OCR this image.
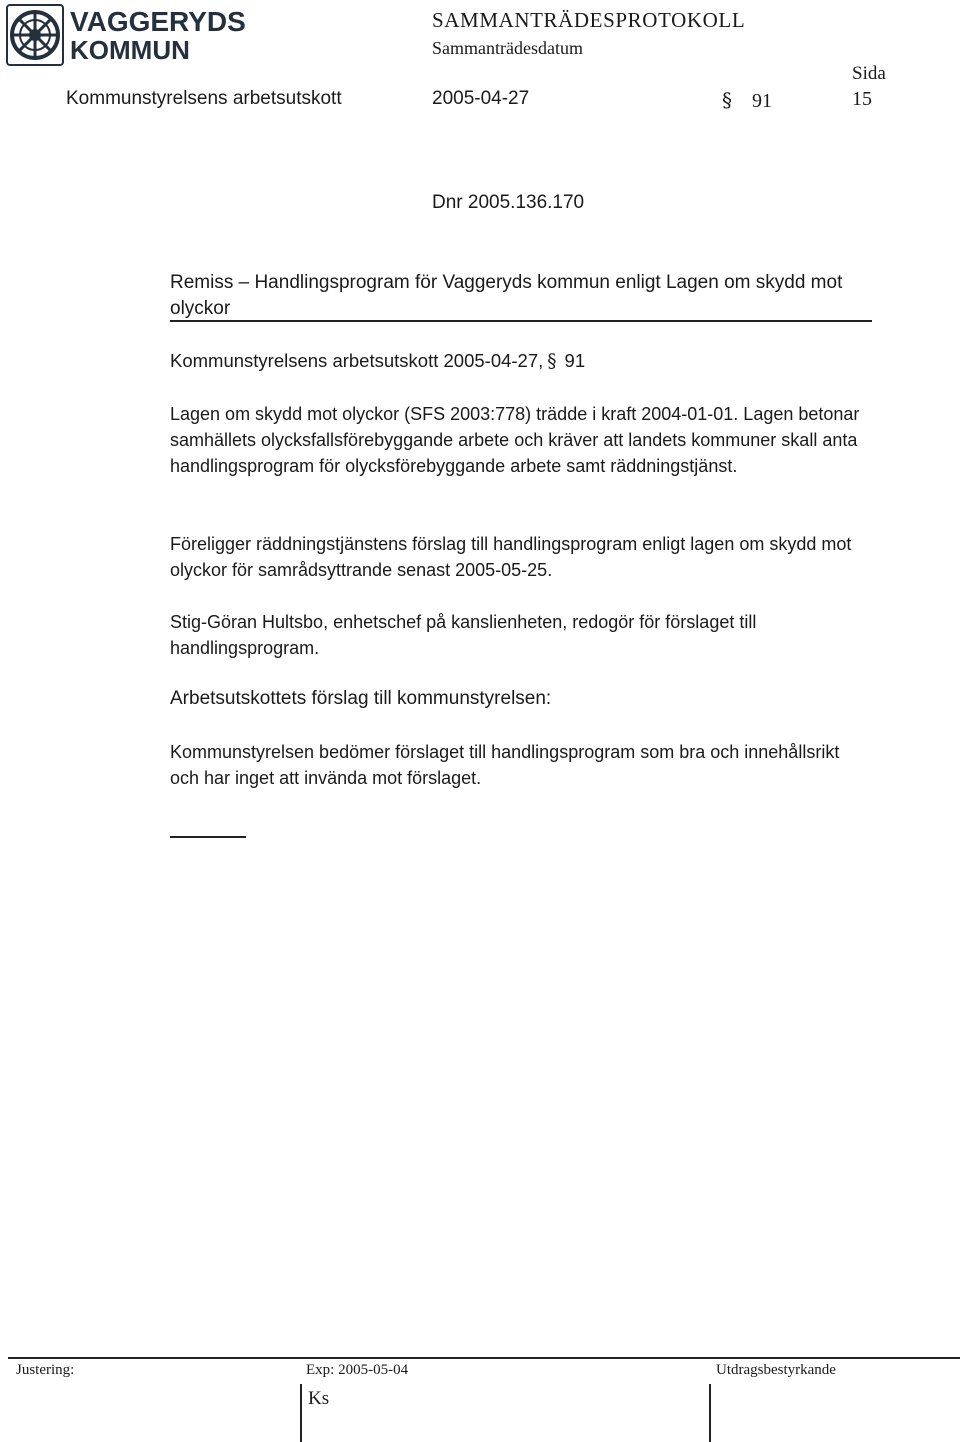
VAGGERYDS
KOMMUN
SAMMANTRÄDESPROTOKOLL
Sammanträdesdatum
Sida
Kommunstyrelsens arbetsutskott	2005-04-27	§ 91	15
Dnr 2005.136.170
Remiss – Handlingsprogram för Vaggeryds kommun enligt Lagen om skydd mot olyckor
Kommunstyrelsens arbetsutskott 2005-04-27, § 91

Lagen om skydd mot olyckor (SFS 2003:778) trädde i kraft 2004-01-01. Lagen betonar samhällets olycksfallsförebyggande arbete och kräver att landets kommuner skall anta handlingsprogram för olycksförebyggande arbete samt räddningstjänst.

Föreligger räddningstjänstens förslag till handlingsprogram enligt lagen om skydd mot olyckor för samrådsyttrande senast 2005-05-25.

Stig-Göran Hultsbo, enhetschef på kanslienheten, redogör för förslaget till handlingsprogram.

Arbetsutskottets förslag till kommunstyrelsen:

Kommunstyrelsen bedömer förslaget till handlingsprogram som bra och innehållsrikt och har inget att invända mot förslaget.

Justering:	Exp: 2005-05-04	Utdragsbestyrkande
Ks
